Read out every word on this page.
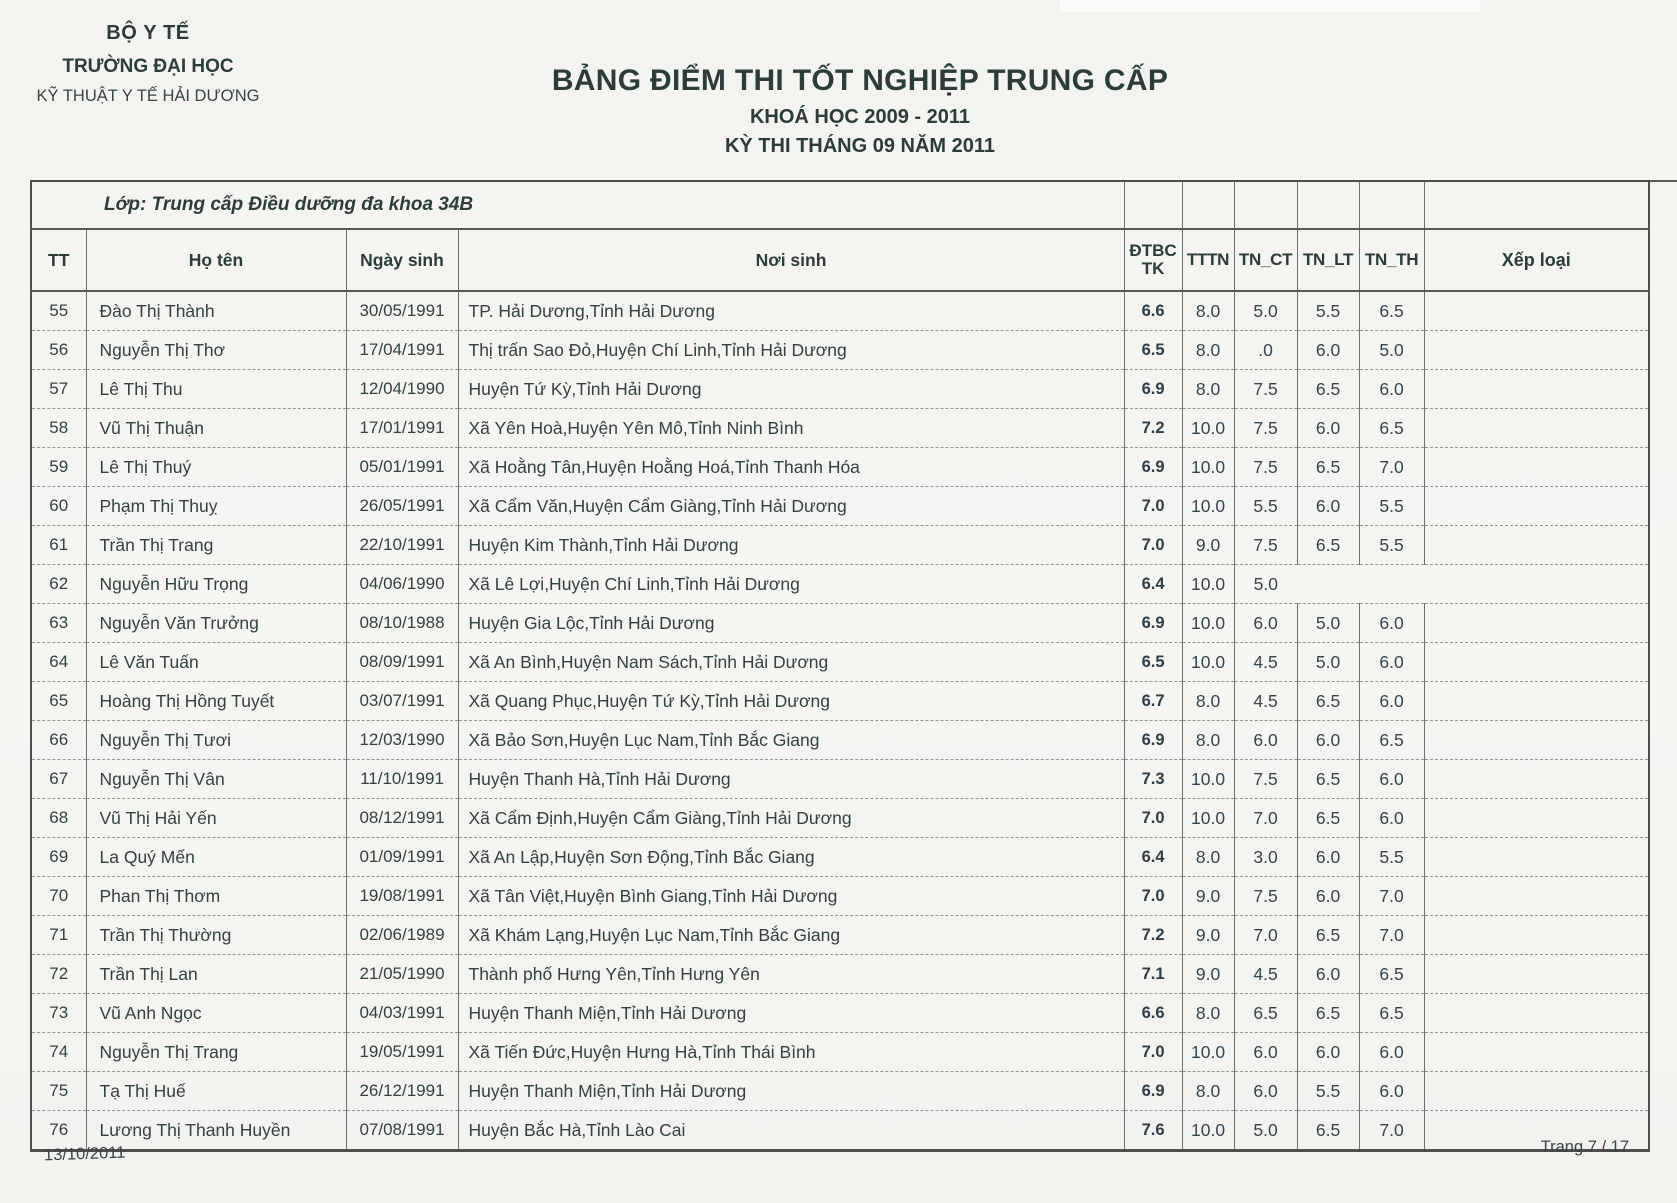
BỘ Y TẾ
TRƯỜNG ĐẠI HỌC
KỸ THUẬT Y TẾ HẢI DƯƠNG	BẢNG ĐIỂM THI TỐT NGHIỆP TRUNG CẤP
KHOÁ HỌC 2009 - 2011
KỲ THI THÁNG 09 NĂM 2011
Lớp: Trung cấp Điều dưỡng đa khoa 34B									
TT	Họ tên	Ngày sinh	Nơi sinh	ĐTBC TK	TTTN	TN_CT	TN_LT	TN_TH	Xếp loại
55	Đào Thị Thành	30/05/1991	TP. Hải Dương,Tỉnh Hải Dương	6.6	8.0	5.0	5.5	6.5	
56	Nguyễn Thị Thơ	17/04/1991	Thị trấn Sao Đỏ,Huyện Chí Linh,Tỉnh Hải Dương	6.5	8.0	.0	6.0	5.0	
57	Lê Thị Thu	12/04/1990	Huyện Tứ Kỳ,Tỉnh Hải Dương	6.9	8.0	7.5	6.5	6.0	
58	Vũ Thị Thuận	17/01/1991	Xã Yên Hoà,Huyện Yên Mô,Tỉnh Ninh Bình	7.2	10.0	7.5	6.0	6.5	
59	Lê Thị Thuý	05/01/1991	Xã Hoằng Tân,Huyện Hoằng Hoá,Tỉnh Thanh Hóa	6.9	10.0	7.5	6.5	7.0	
60	Phạm Thị Thuỵ	26/05/1991	Xã Cẩm Văn,Huyện Cẩm Giàng,Tỉnh Hải Dương	7.0	10.0	5.5	6.0	5.5	
61	Trần Thị Trang	22/10/1991	Huyện Kim Thành,Tỉnh Hải Dương	7.0	9.0	7.5	6.5	5.5	
62	Nguyễn Hữu Trọng	04/06/1990	Xã Lê Lợi,Huyện Chí Linh,Tỉnh Hải Dương	6.4	10.0	5.0			
63	Nguyễn Văn Trưởng	08/10/1988	Huyện Gia Lộc,Tỉnh Hải Dương	6.9	10.0	6.0	5.0	6.0	
64	Lê Văn Tuấn	08/09/1991	Xã An Bình,Huyện Nam Sách,Tỉnh Hải Dương	6.5	10.0	4.5	5.0	6.0	
65	Hoàng Thị Hồng Tuyết	03/07/1991	Xã Quang Phục,Huyện Tứ Kỳ,Tỉnh Hải Dương	6.7	8.0	4.5	6.5	6.0	
66	Nguyễn Thị Tươi	12/03/1990	Xã Bảo Sơn,Huyện Lục Nam,Tỉnh Bắc Giang	6.9	8.0	6.0	6.0	6.5	
67	Nguyễn Thị Vân	11/10/1991	Huyện Thanh Hà,Tỉnh Hải Dương	7.3	10.0	7.5	6.5	6.0	
68	Vũ Thị Hải Yến	08/12/1991	Xã Cẩm Định,Huyện Cẩm Giàng,Tỉnh Hải Dương	7.0	10.0	7.0	6.5	6.0	
69	La Quý Mến	01/09/1991	Xã An Lập,Huyện Sơn Động,Tỉnh Bắc Giang	6.4	8.0	3.0	6.0	5.5	
70	Phan Thị Thơm	19/08/1991	Xã Tân Việt,Huyện Bình Giang,Tỉnh Hải Dương	7.0	9.0	7.5	6.0	7.0	
71	Trần Thị Thường	02/06/1989	Xã Khám Lạng,Huyện Lục Nam,Tỉnh Bắc Giang	7.2	9.0	7.0	6.5	7.0	
72	Trần Thị Lan	21/05/1990	Thành phố Hưng Yên,Tỉnh Hưng Yên	7.1	9.0	4.5	6.0	6.5	
73	Vũ Anh Ngọc	04/03/1991	Huyện Thanh Miện,Tỉnh Hải Dương	6.6	8.0	6.5	6.5	6.5	
74	Nguyễn Thị Trang	19/05/1991	Xã Tiến Đức,Huyện Hưng Hà,Tỉnh Thái Bình	7.0	10.0	6.0	6.0	6.0	
75	Tạ Thị Huế	26/12/1991	Huyện Thanh Miện,Tỉnh Hải Dương	6.9	8.0	6.0	5.5	6.0	
76	Lương Thị Thanh Huyền	07/08/1991	Huyện Bắc Hà,Tỉnh Lào Cai	7.6	10.0	5.0	6.5	7.0	
13/10/2011	Trang 7 / 17
